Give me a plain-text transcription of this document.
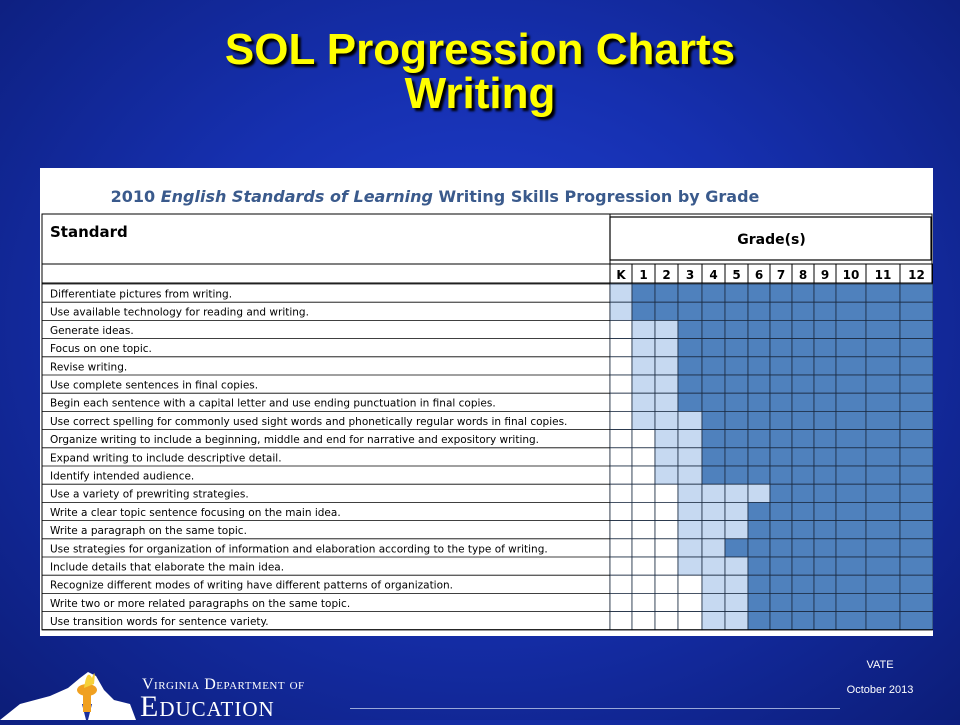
SOL Progression Charts
Writing
2010 English Standards of Learning Writing Skills Progression by Grade
Standard	Grade(s)
K 1 2 3 4 5 6 7 8 9 10 11 12
Differentiate pictures from writing.
Use available technology for reading and writing.
Generate ideas.
Focus on one topic.
Revise writing.
Use complete sentences in final copies.
Begin each sentence with a capital letter and use ending punctuation in final copies.
Use correct spelling for commonly used sight words and phonetically regular words in final copies.
Organize writing to include a beginning, middle and end for narrative and expository writing.
Expand writing to include descriptive detail.
Identify intended audience.
Use a variety of prewriting strategies.
Write a clear topic sentence focusing on the main idea.
Write a paragraph on the same topic.
Use strategies for organization of information and elaboration according to the type of writing.
Include details that elaborate the main idea.
Recognize different modes of writing have different patterns of organization.
Write two or more related paragraphs on the same topic.
Use transition words for sentence variety.
VATE
October 2013
Virginia Department of
Education
